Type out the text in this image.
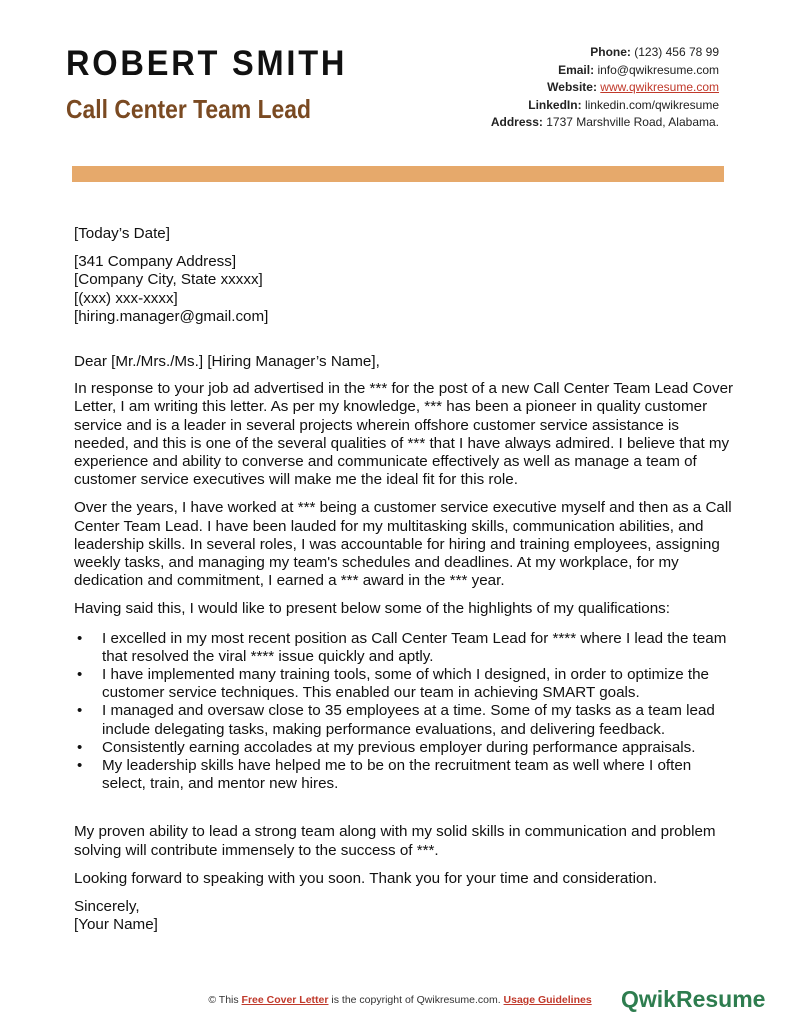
ROBERT SMITH
Call Center Team Lead
Phone: (123) 456 78 99
Email: info@qwikresume.com
Website: www.qwikresume.com
LinkedIn: linkedin.com/qwikresume
Address: 1737 Marshville Road, Alabama.

[Today’s Date]

[341 Company Address]
[Company City, State xxxxx]
[(xxx) xxx-xxxx]
[hiring.manager@gmail.com]

Dear [Mr./Mrs./Ms.] [Hiring Manager’s Name],

In response to your job ad advertised in the *** for the post of a new Call Center Team Lead Cover Letter, I am writing this letter. As per my knowledge, *** has been a pioneer in quality customer service and is a leader in several projects wherein offshore customer service assistance is needed, and this is one of the several qualities of *** that I have always admired. I believe that my experience and ability to converse and communicate effectively as well as manage a team of customer service executives will make me the ideal fit for this role.

Over the years, I have worked at *** being a customer service executive myself and then as a Call Center Team Lead. I have been lauded for my multitasking skills, communication abilities, and leadership skills. In several roles, I was accountable for hiring and training employees, assigning weekly tasks, and managing my team's schedules and deadlines. At my workplace, for my dedication and commitment, I earned a *** award in the *** year.

Having said this, I would like to present below some of the highlights of my qualifications:

• I excelled in my most recent position as Call Center Team Lead for **** where I lead the team that resolved the viral **** issue quickly and aptly.
• I have implemented many training tools, some of which I designed, in order to optimize the customer service techniques. This enabled our team in achieving SMART goals.
• I managed and oversaw close to 35 employees at a time. Some of my tasks as a team lead include delegating tasks, making performance evaluations, and delivering feedback.
• Consistently earning accolades at my previous employer during performance appraisals.
• My leadership skills have helped me to be on the recruitment team as well where I often select, train, and mentor new hires.

My proven ability to lead a strong team along with my solid skills in communication and problem solving will contribute immensely to the success of ***.

Looking forward to speaking with you soon. Thank you for your time and consideration.

Sincerely,

[Your Name]

© This Free Cover Letter is the copyright of Qwikresume.com. Usage Guidelines	QwikResume
